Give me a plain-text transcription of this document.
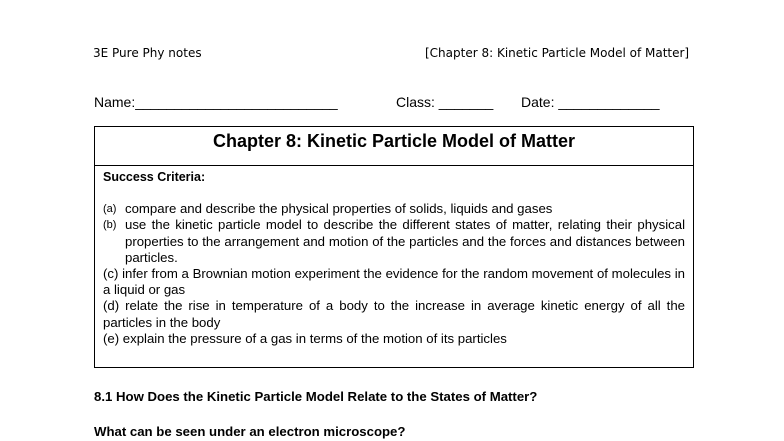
3E Pure Phy notes	[Chapter 8: Kinetic Particle Model of Matter]
Name:__________________________	Class: _______ Date: _____________
Chapter 8: Kinetic Particle Model of Matter
Success Criteria:
(a) compare and describe the physical properties of solids, liquids and gases
(b) use the kinetic particle model to describe the different states of matter, relating their physical properties to the arrangement and motion of the particles and the forces and distances between particles.
(c) infer from a Brownian motion experiment the evidence for the random movement of molecules in a liquid or gas
(d) relate the rise in temperature of a body to the increase in average kinetic energy of all the particles in the body
(e) explain the pressure of a gas in terms of the motion of its particles
8.1 How Does the Kinetic Particle Model Relate to the States of Matter?
What can be seen under an electron microscope?
